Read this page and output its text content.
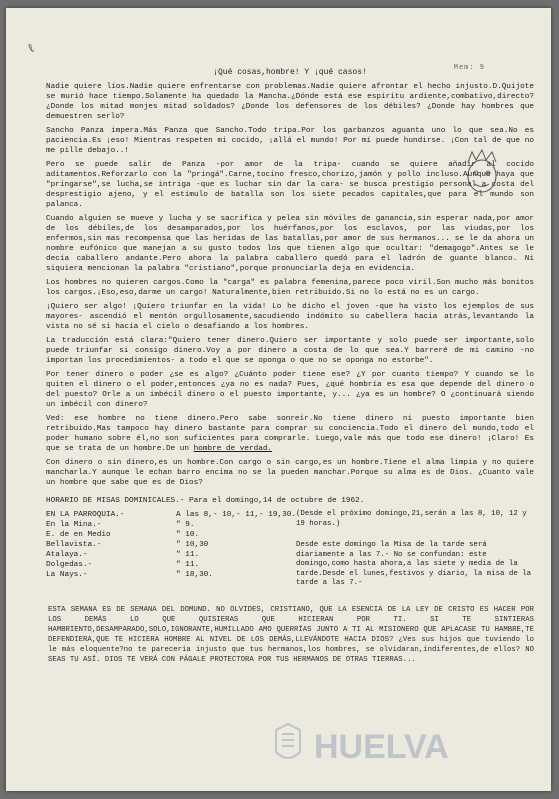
ℓ
Mem: 9
¡Qué cosas,hombre! Y ¡qué casos!

Nadie quiere líos.Nadie quiere enfrentarse con problemas.Nadie quiere afrontar el hecho injusto.D.Quijote se murió hace tiempo.Solamente ha quedado la Mancha.¿Dónde está ese espíritu ardiente,combativo,directo? ¿Donde los mitad monjes mitad soldados? ¿Donde los defensores de los débiles? ¿Donde hay hombres que demuestren serlo?

Sancho Panza impera.Más Panza que Sancho.Todo tripa.Por los garbanzos aguanta uno lo que sea.No es paciencia.Es ¡eso! Mientras respeten mi cocido, ¡allá el mundo! Por mí puede hundirse. ¡Con tal de que no me pille debajo..!

Pero se puede salir de Panza -por amor de la tripa- cuando se quiere añadir al cocido aditamentos.Reforzarlo con la "pringá".Carne,tocino fresco,chorizo,jamón y pollo incluso.Aunque haya que "pringarse",se lucha,se intriga -que es luchar sin dar la cara- se busca prestigio personal a costa del desprestigio ajeno, y el estímulo de batalla son los siete pecados capitales,que para el mundo son palanca.

Cuando alguien se mueve y lucha y se sacrifica y pelea sin móviles de ganancia,sin esperar nada,por amor de los débiles,de los desamparados,por los huérfanos,por los esclavos, por las viudas,por los enfermos,sin mas recompensa que las heridas de las batallas,por amor de sus hermanos... se le da ahora un nombre eufónico que manejan a su gusto todos los que tienen algo que ocultar: "demagogo".Antes se le decía caballero andante.Pero ahora la palabra caballero quedó para el ladrón de guante blanco. Ni siquiera mencionan la palabra "cristiano",porque pronunciarla deja en evidencia.

Los hombres no quieren cargos.Como la "carga" es palabra femenina,parece poco viril.Son mucho más bonitos los cargos.¡Eso,eso,darme un cargo! Naturalmente,bien retribuido.Si no lo está no es un cargo.

¡Quiero ser algo! ¡Quiero triunfar en la vida! Lo he dicho el joven -que ha visto los ejemplos de sus mayores- ascendió el mentón orgullosamente,sacudiendo indómito su cabellera hacia atrás,levantando la vista no sé si hacia el cielo o desafiando a los hombres.

La traducción está clara:"Quiero tener dinero.Quiero ser importante y solo puede ser importante,solo puede triunfar si consigo dinero.Voy a por dinero a costa de lo que sea.Y barreré de mi camino -no importan los procedimientos- a todo el que se oponga o que no se oponga no estorbe".

Por tener dinero o poder ¿se es algo? ¿Cuánto poder tiene ese? ¿Y por cuanto tiempo? Y cuando se lo quiten el dinero o el poder,entonces ¿ya no es nada? Pues, ¿qué hombría es esa que depende del dinero o del puesto? Orle a un imbécil dinero o el puesto importante, y... ¿ya es un hombre? O ¿continuará siendo un imbécil con dinero?

Ved: ese hombre no tiene dinero.Pero sabe sonreír.No tiene dinero ni puesto importante bien retribuido.Mas tampoco hay dinero bastante para comprar su conciencia.Todo el dinero del mundo,todo el poder humano sobre él,no son suficientes para comprarle. Luego,vale más que todo ese dinero! ¡Claro! Es que se trata de un hombre.De un hombre de verdad.

Con dinero o sin dinero,es un hombre.Con cargo o sin cargo,es un hombre.Tiene el alma limpia y no quiere mancharla.Y aunque le echan barro encima no se la pueden manchar.Porque su alma es de Dios. ¿Cuanto vale un hombre que sabe que es de Dios?

HORARIO DE MISAS DOMINICALES.- Para el domingo,14 de octubre de 1962.
EN LA PARROQUIA.-	A las 8,- 10,- 11,- 19,30.
En la Mina.-	" 9.
E. de en Medio	" 10.
Bellavista.-	" 10,30
Atalaya.-	" 11.
Dolgedas.-	" 11.
La Nays.-	" 18,30.
(Desde el próximo domingo,21,serán a las 8, 10, 12 y 19 horas.)
Desde este domingo la Misa de la tarde será diariamente a las 7.- No se confundan: este domingo,como hasta ahora,a las siete y media de la tarde.Desde el lunes,festivos y diario, la misa de la tarde a las 7.-
ESTA SEMANA ES DE SEMANA DEL DOMUND. NO OLVIDES, CRISTIANO, QUE LA ESENCIA DE LA LEY DE CRISTO ES HACER POR LOS DEMÁS LO QUE QUISIERAS QUE HICIERAN POR TI. SI TE SINTIERAS HAMBRIENTO,DESAMPARADO,SOLO,IGNORANTE,HUMILLADO AMO QUERRÍAS JUNTO A TI AL MISIONERO QUE APLACASE TU HAMBRE,TE DEFENDIERA,QUE TE HICIERA HOMBRE AL NIVEL DE LOS DEMÁS,LLEVÁNDOTE HACIA DIOS? ¿Ves sus hijos que tuviendo lo le más eloquente?no te pareceria injusto que tus hermanos,los hombres, se olvidaran,indiferentes,de ellos? NO SEAS TU ASÍ. DIOS TE VERÁ CON PÁGALE PROTECTORA POR TUS HERMANOS DE OTRAS TIERRAS...
HUELVA
